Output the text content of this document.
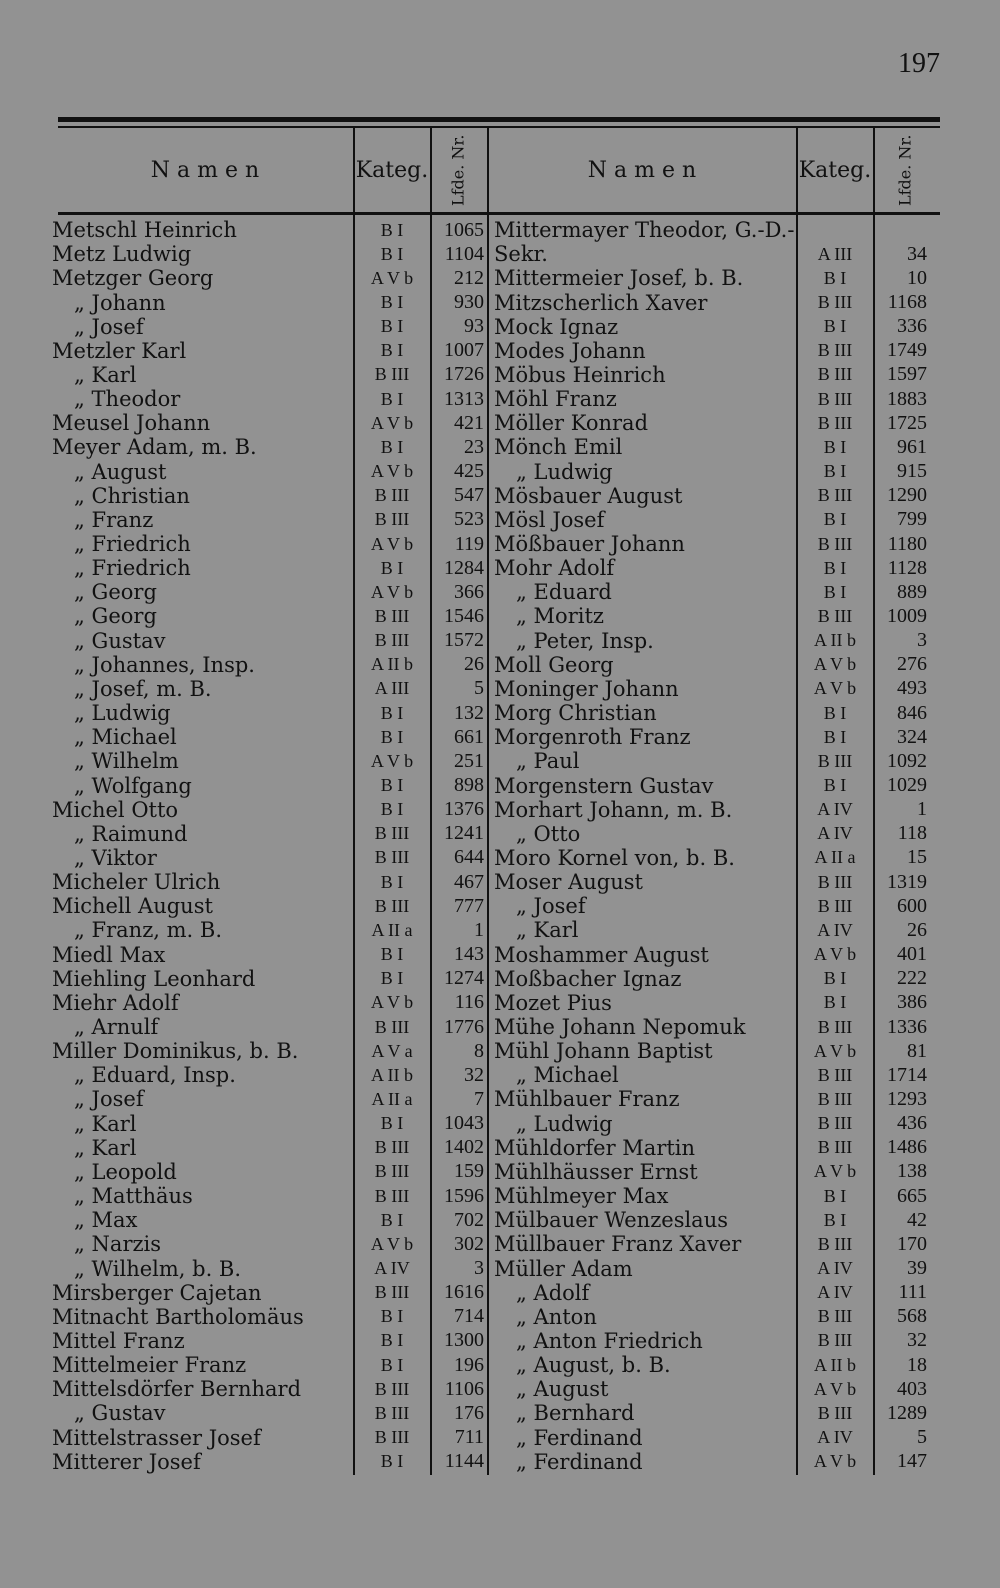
197
N a m e n	Kateg.	Lfde. Nr.	N a m e n	Kateg.	Lfde. Nr.
Metschl Heinrich	B I	1065
Metz Ludwig	B I	1104
Metzger Georg	A V b	212
„ Johann	B I	930
„ Josef	B I	93
Metzler Karl	B I	1007
„ Karl	B III	1726
„ Theodor	B I	1313
Meusel Johann	A V b	421
Meyer Adam, m. B.	B I	23
„ August	A V b	425
„ Christian	B III	547
„ Franz	B III	523
„ Friedrich	A V b	119
„ Friedrich	B I	1284
„ Georg	A V b	366
„ Georg	B III	1546
„ Gustav	B III	1572
„ Johannes, Insp.	A II b	26
„ Josef, m. B.	A III	5
„ Ludwig	B I	132
„ Michael	B I	661
„ Wilhelm	A V b	251
„ Wolfgang	B I	898
Michel Otto	B I	1376
„ Raimund	B III	1241
„ Viktor	B III	644
Micheler Ulrich	B I	467
Michell August	B III	777
„ Franz, m. B.	A II a	1
Miedl Max	B I	143
Miehling Leonhard	B I	1274
Miehr Adolf	A V b	116
„ Arnulf	B III	1776
Miller Dominikus, b. B.	A V a	8
„ Eduard, Insp.	A II b	32
„ Josef	A II a	7
„ Karl	B I	1043
„ Karl	B III	1402
„ Leopold	B III	159
„ Matthäus	B III	1596
„ Max	B I	702
„ Narzis	A V b	302
„ Wilhelm, b. B.	A IV	3
Mirsberger Cajetan	B III	1616
Mitnacht Bartholomäus	B I	714
Mittel Franz	B I	1300
Mittelmeier Franz	B I	196
Mittelsdörfer Bernhard	B III	1106
„ Gustav	B III	176
Mittelstrasser Josef	B III	711
Mitterer Josef	B I	1144
Mittermayer Theodor, G.-D.-
Sekr.	A III	34
Mittermeier Josef, b. B.	B I	10
Mitzscherlich Xaver	B III	1168
Mock Ignaz	B I	336
Modes Johann	B III	1749
Möbus Heinrich	B III	1597
Möhl Franz	B III	1883
Möller Konrad	B III	1725
Mönch Emil	B I	961
„ Ludwig	B I	915
Mösbauer August	B III	1290
Mösl Josef	B I	799
Mößbauer Johann	B III	1180
Mohr Adolf	B I	1128
„ Eduard	B I	889
„ Moritz	B III	1009
„ Peter, Insp.	A II b	3
Moll Georg	A V b	276
Moninger Johann	A V b	493
Morg Christian	B I	846
Morgenroth Franz	B I	324
„ Paul	B III	1092
Morgenstern Gustav	B I	1029
Morhart Johann, m. B.	A IV	1
„ Otto	A IV	118
Moro Kornel von, b. B.	A II a	15
Moser August	B III	1319
„ Josef	B III	600
„ Karl	A IV	26
Moshammer August	A V b	401
Moßbacher Ignaz	B I	222
Mozet Pius	B I	386
Mühe Johann Nepomuk	B III	1336
Mühl Johann Baptist	A V b	81
„ Michael	B III	1714
Mühlbauer Franz	B III	1293
„ Ludwig	B III	436
Mühldorfer Martin	B III	1486
Mühlhäusser Ernst	A V b	138
Mühlmeyer Max	B I	665
Mülbauer Wenzeslaus	B I	42
Müllbauer Franz Xaver	B III	170
Müller Adam	A IV	39
„ Adolf	A IV	111
„ Anton	B III	568
„ Anton Friedrich	B III	32
„ August, b. B.	A II b	18
„ August	A V b	403
„ Bernhard	B III	1289
„ Ferdinand	A IV	5
„ Ferdinand	A V b	147
